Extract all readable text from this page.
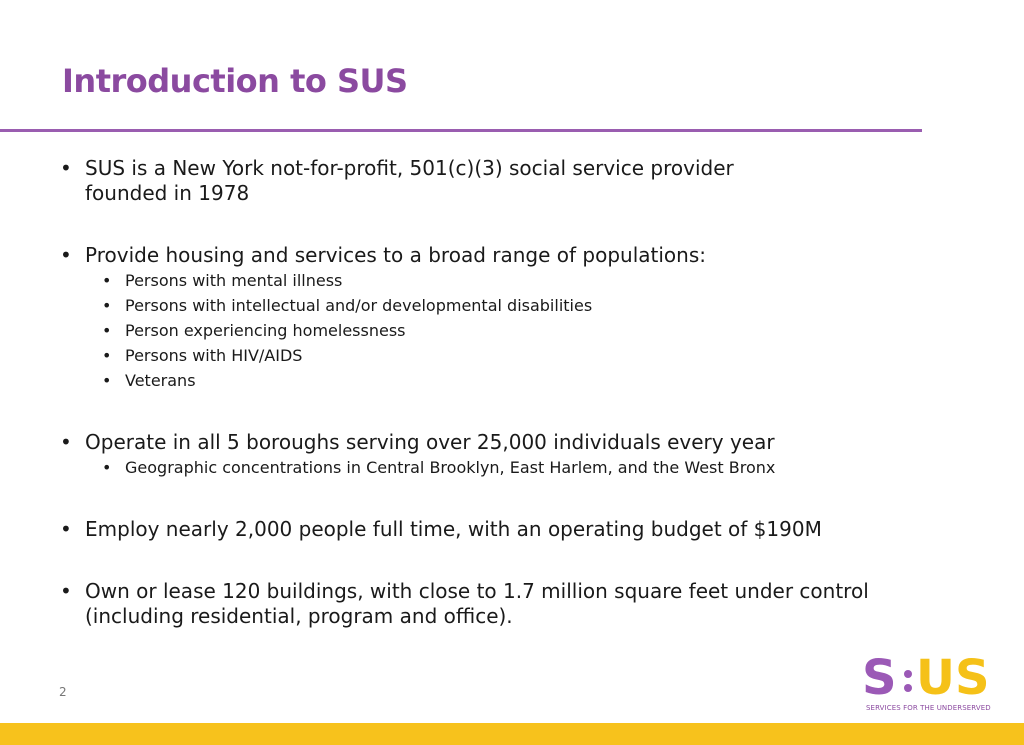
Introduction to SUS
• SUS is a New York not-for-profit, 501(c)(3) social service provider
founded in 1978
• Provide housing and services to a broad range of populations:
• Persons with mental illness
• Persons with intellectual and/or developmental disabilities
• Person experiencing homelessness
• Persons with HIV/AIDS
• Veterans
• Operate in all 5 boroughs serving over 25,000 individuals every year
• Geographic concentrations in Central Brooklyn, East Harlem, and the West Bronx
• Employ nearly 2,000 people full time, with an operating budget of $190M
• Own or lease 120 buildings, with close to 1.7 million square feet under control
(including residential, program and office).
2	S US
SERVICES FOR THE UNDERSERVED
